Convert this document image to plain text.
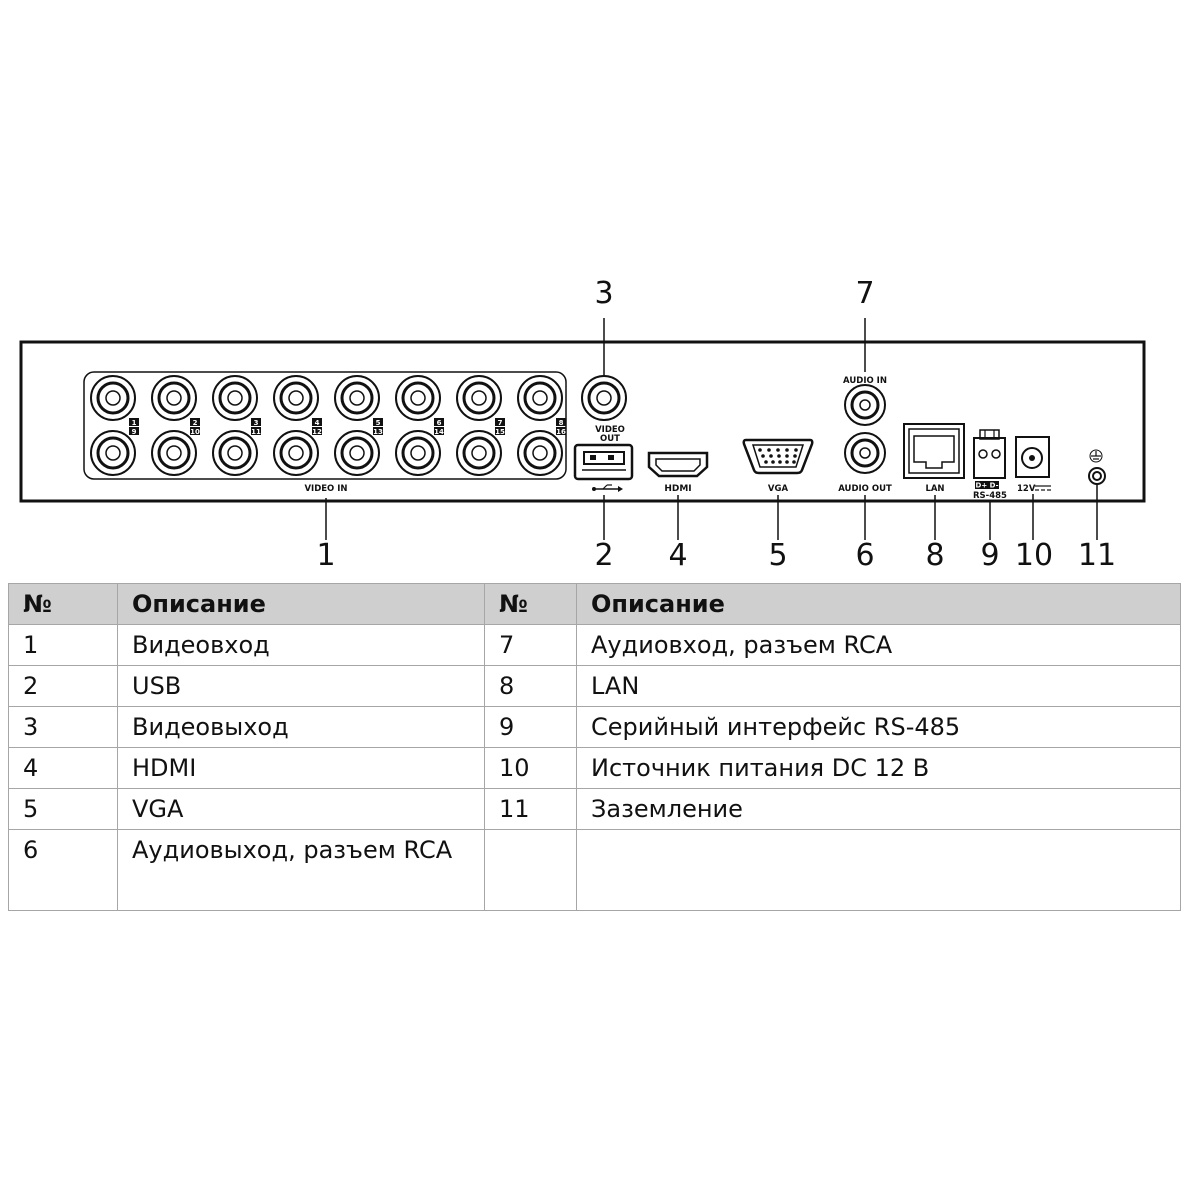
1
9
2
10
3
11
4
12
5
13
6
14
7
15
8
16
VIDEO IN
VIDEO
OUT
HDMI	VGA
AUDIO IN
AUDIO OUT	LAN	D+ D-
RS-485
12V
3	7
1	2 4	5 6 8 9 10 11
№	Описание	№	Описание
1	Видеовход	7	Аудиовход, разъем RCA
2	USB	8	LAN
3	Видеовыход	9	Серийный интерфейс RS-485
4	HDMI	10	Источник питания DC 12 В
5	VGA	11	Заземление
6	Аудиовыход, разъем RCA		
